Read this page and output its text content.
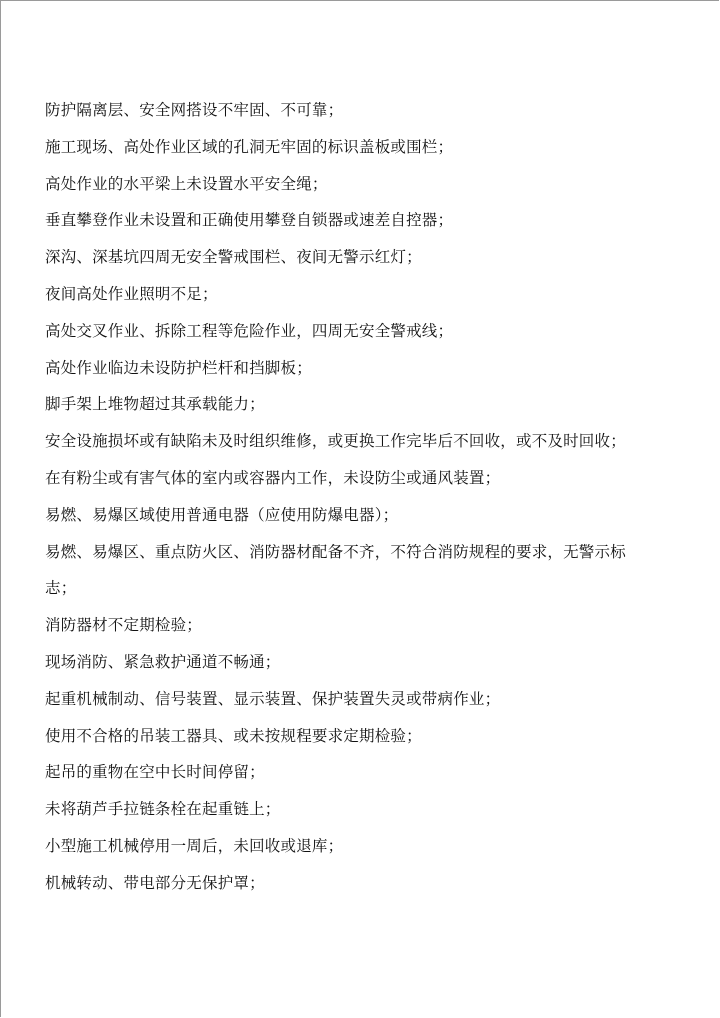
防护隔离层、安全网搭设不牢固、不可靠；
施工现场、高处作业区域的孔洞无牢固的标识盖板或围栏；
高处作业的水平梁上未设置水平安全绳；
垂直攀登作业未设置和正确使用攀登自锁器或速差自控器；
深沟、深基坑四周无安全警戒围栏、夜间无警示红灯；
夜间高处作业照明不足；
高处交叉作业、拆除工程等危险作业，四周无安全警戒线；
高处作业临边未设防护栏杆和挡脚板；
脚手架上堆物超过其承载能力；
安全设施损坏或有缺陷未及时组织维修，或更换工作完毕后不回收，或不及时回收；
在有粉尘或有害气体的室内或容器内工作，未设防尘或通风装置；
易燃、易爆区域使用普通电器（应使用防爆电器）；
易燃、易爆区、重点防火区、消防器材配备不齐，不符合消防规程的要求，无警示标
志；
消防器材不定期检验；
现场消防、紧急救护通道不畅通；
起重机械制动、信号装置、显示装置、保护装置失灵或带病作业；
使用不合格的吊装工器具、或未按规程要求定期检验；
起吊的重物在空中长时间停留；
未将葫芦手拉链条栓在起重链上；
小型施工机械停用一周后，未回收或退库；
机械转动、带电部分无保护罩；
